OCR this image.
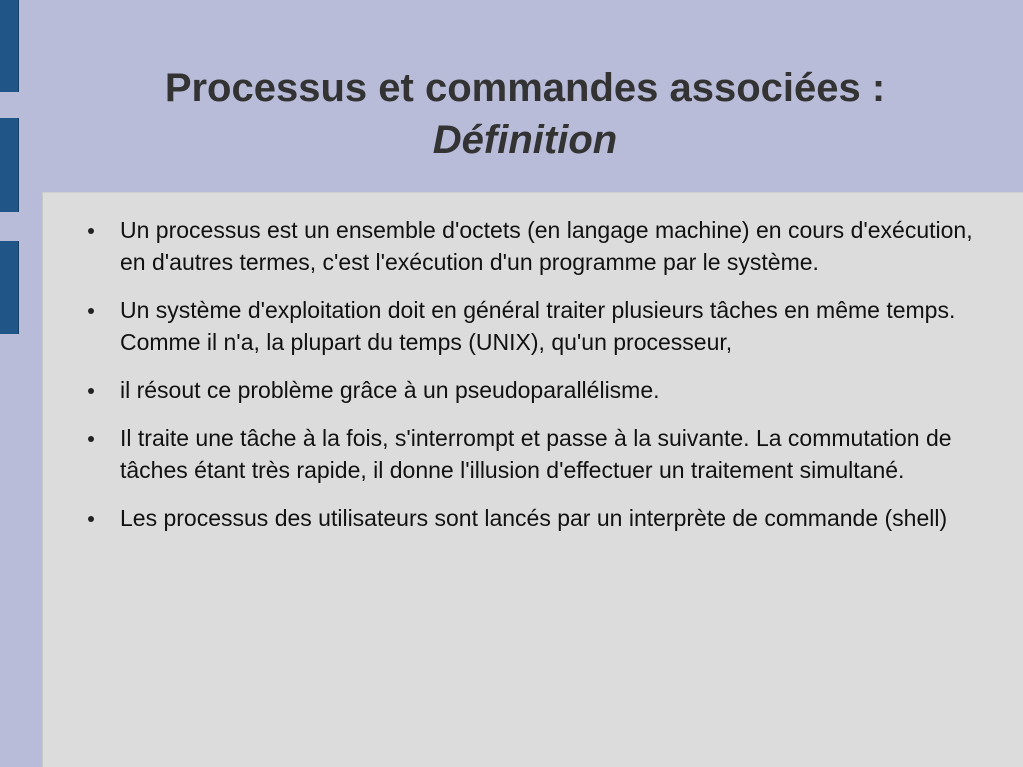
Processus et commandes associées :
Définition
Un processus est un ensemble d'octets (en langage machine) en cours d'exécution, en d'autres termes, c'est l'exécution d'un programme par le système.
Un système d'exploitation doit en général traiter plusieurs tâches en même temps. Comme il n'a, la plupart du temps (UNIX), qu'un processeur,
il résout ce problème grâce à un pseudoparallélisme.
Il traite une tâche à la fois, s'interrompt et passe à la suivante. La commutation de tâches étant très rapide, il donne l'illusion d'effectuer un traitement simultané.
Les processus des utilisateurs sont lancés par un interprète de commande (shell)
